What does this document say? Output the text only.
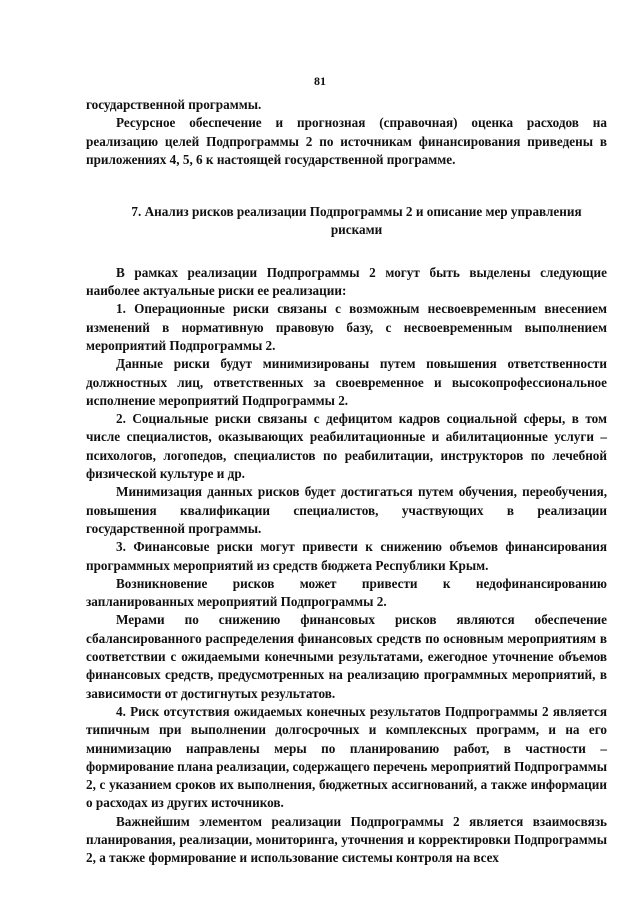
81

государственной программы.

Ресурсное обеспечение и прогнозная (справочная) оценка расходов на реализацию целей Подпрограммы 2 по источникам финансирования приведены в приложениях 4, 5, 6 к настоящей государственной программе.

7. Анализ рисков реализации Подпрограммы 2 и описание мер управления рисками

В рамках реализации Подпрограммы 2 могут быть выделены следующие наиболее актуальные риски ее реализации:

1. Операционные риски связаны с возможным несвоевременным внесением изменений в нормативную правовую базу, с несвоевременным выполнением мероприятий Подпрограммы 2.

Данные риски будут минимизированы путем повышения ответственности должностных лиц, ответственных за своевременное и высокопрофессиональное исполнение мероприятий Подпрограммы 2.

2. Социальные риски связаны с дефицитом кадров социальной сферы, в том числе специалистов, оказывающих реабилитационные и абилитационные услуги – психологов, логопедов, специалистов по реабилитации, инструкторов по лечебной физической культуре и др.

Минимизация данных рисков будет достигаться путем обучения, переобучения, повышения квалификации специалистов, участвующих в реализации государственной программы.

3. Финансовые риски могут привести к снижению объемов финансирования программных мероприятий из средств бюджета Республики Крым.

Возникновение рисков может привести к недофинансированию запланированных мероприятий Подпрограммы 2.

Мерами по снижению финансовых рисков являются обеспечение сбалансированного распределения финансовых средств по основным мероприятиям в соответствии с ожидаемыми конечными результатами, ежегодное уточнение объемов финансовых средств, предусмотренных на реализацию программных мероприятий, в зависимости от достигнутых результатов.

4. Риск отсутствия ожидаемых конечных результатов Подпрограммы 2 является типичным при выполнении долгосрочных и комплексных программ, и на его минимизацию направлены меры по планированию работ, в частности – формирование плана реализации, содержащего перечень мероприятий Подпрограммы 2, с указанием сроков их выполнения, бюджетных ассигнований, а также информации о расходах из других источников.

Важнейшим элементом реализации Подпрограммы 2 является взаимосвязь планирования, реализации, мониторинга, уточнения и корректировки Подпрограммы 2, а также формирование и использование системы контроля на всех
